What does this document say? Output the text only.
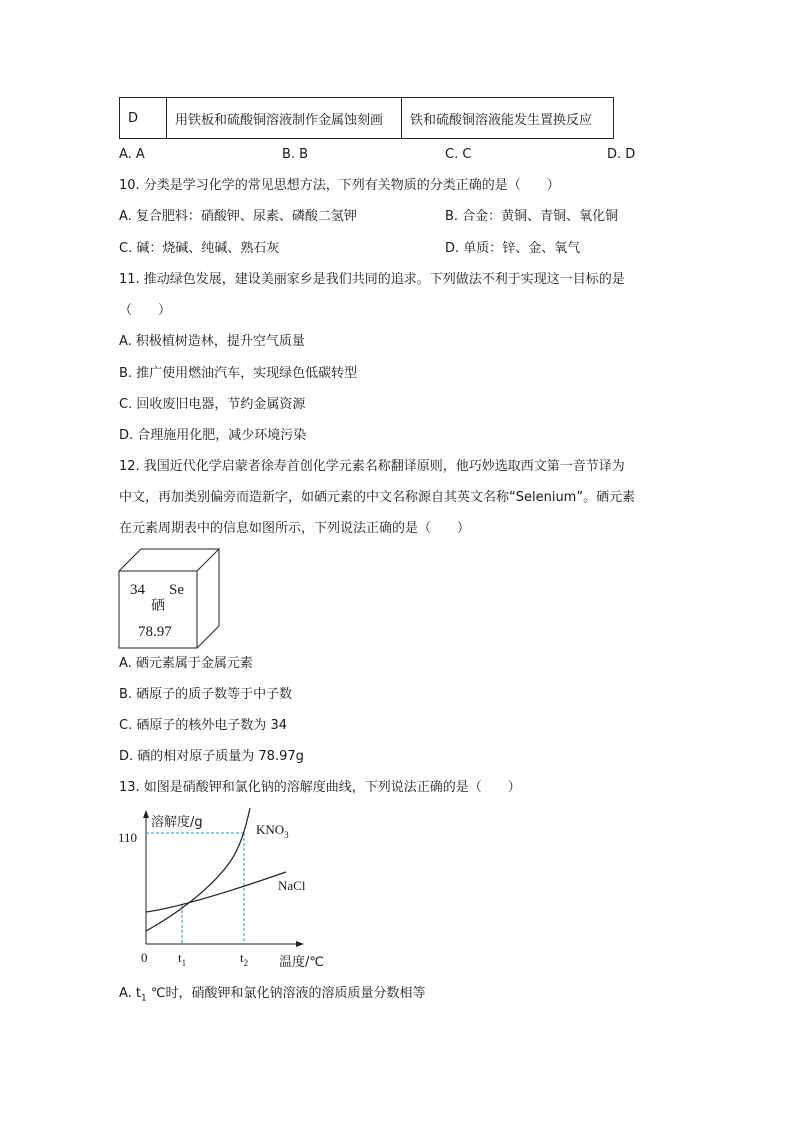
D	用铁板和硫酸铜溶液制作金属蚀刻画	铁和硫酸铜溶液能发生置换反应
A. A	B. B	C. C	D. D
10. 分类是学习化学的常见思想方法，下列有关物质的分类正确的是（　　）
A. 复合肥料：硝酸钾、尿素、磷酸二氢钾	B. 合金：黄铜、青铜、氧化铜
C. 碱：烧碱、纯碱、熟石灰	D. 单质：锌、金、氧气
11. 推动绿色发展，建设美丽家乡是我们共同的追求。下列做法不利于实现这一目标的是
（　　）
A. 积极植树造林，提升空气质量
B. 推广使用燃油汽车，实现绿色低碳转型
C. 回收废旧电器，节约金属资源
D. 合理施用化肥，减少环境污染
12. 我国近代化学启蒙者徐寿首创化学元素名称翻译原则，他巧妙选取西文第一音节译为
中文，再加类别偏旁而造新字，如硒元素的中文名称源自其英文名称“Selenium”。硒元素
在元素周期表中的信息如图所示，下列说法正确的是（　　）
34 Se
硒
78.97
A. 硒元素属于金属元素
B. 硒原子的质子数等于中子数
C. 硒原子的核外电子数为 34
D. 硒的相对原子质量为 78.97g
13. 如图是硝酸钾和氯化钠的溶解度曲线，下列说法正确的是（　　）
溶解度/g
110
0 $t_1$	$t_2$ 温度/℃
$KNO_3$
NaCl
A. $t_1$ ℃时，硝酸钾和氯化钠溶液的溶质质量分数相等
